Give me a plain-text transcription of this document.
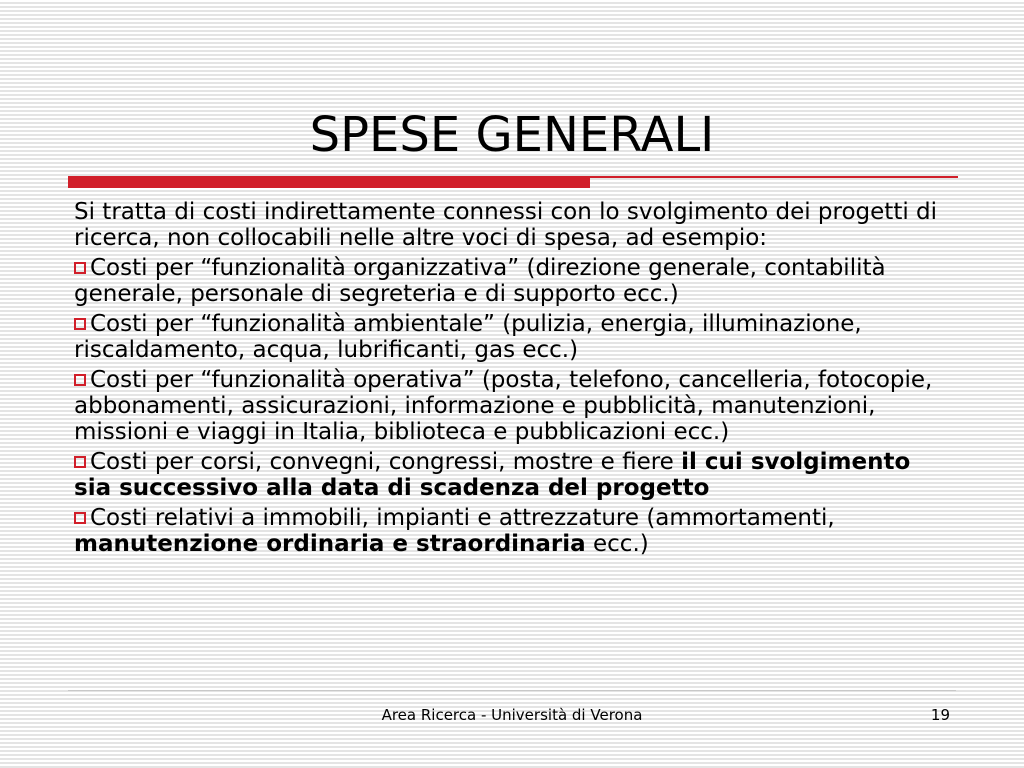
SPESE GENERALI

Si tratta di costi indirettamente connessi con lo svolgimento dei progetti di ricerca, non collocabili nelle altre voci di spesa, ad esempio:

Costi per “funzionalità organizzativa” (direzione generale, contabilità generale, personale di segreteria e di supporto ecc.)

Costi per “funzionalità ambientale” (pulizia, energia, illuminazione, riscaldamento, acqua, lubrificanti, gas ecc.)

Costi per “funzionalità operativa” (posta, telefono, cancelleria, fotocopie, abbonamenti, assicurazioni, informazione e pubblicità, manutenzioni, missioni e viaggi in Italia, biblioteca e pubblicazioni ecc.)

Costi per corsi, convegni, congressi, mostre e fiere il cui svolgimento sia successivo alla data di scadenza del progetto

Costi relativi a immobili, impianti e attrezzature (ammortamenti, manutenzione ordinaria e straordinaria ecc.)

Area Ricerca - Università di Verona	19
